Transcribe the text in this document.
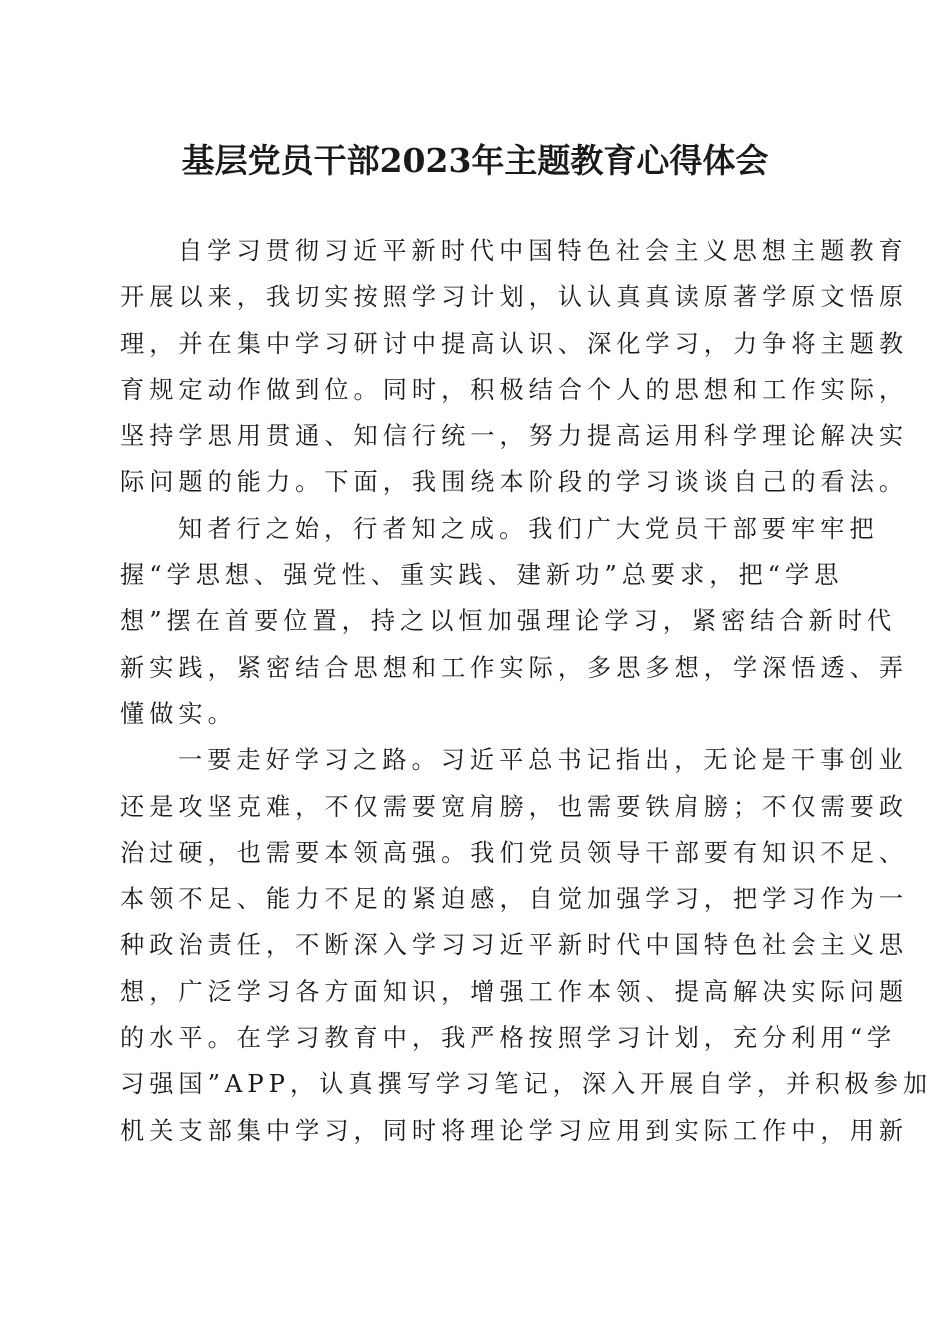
基层党员干部2023年主题教育心得体会
自学习贯彻习近平新时代中国特色社会主义思想主题教育
开展以来，我切实按照学习计划，认认真真读原著学原文悟原
理，并在集中学习研讨中提高认识、深化学习，力争将主题教
育规定动作做到位。同时，积极结合个人的思想和工作实际，
坚持学思用贯通、知信行统一，努力提高运用科学理论解决实
际问题的能力。下面，我围绕本阶段的学习谈谈自己的看法。
知者行之始，行者知之成。我们广大党员干部要牢牢把
握“学思想、强党性、重实践、建新功”总要求，把“学思
想”摆在首要位置，持之以恒加强理论学习，紧密结合新时代
新实践，紧密结合思想和工作实际，多思多想，学深悟透、弄
懂做实。
一要走好学习之路。习近平总书记指出，无论是干事创业
还是攻坚克难，不仅需要宽肩膀，也需要铁肩膀；不仅需要政
治过硬，也需要本领高强。我们党员领导干部要有知识不足、
本领不足、能力不足的紧迫感，自觉加强学习，把学习作为一
种政治责任，不断深入学习习近平新时代中国特色社会主义思
想，广泛学习各方面知识，增强工作本领、提高解决实际问题
的水平。在学习教育中，我严格按照学习计划，充分利用“学
习强国”APP，认真撰写学习笔记，深入开展自学，并积极参加
机关支部集中学习，同时将理论学习应用到实际工作中，用新
